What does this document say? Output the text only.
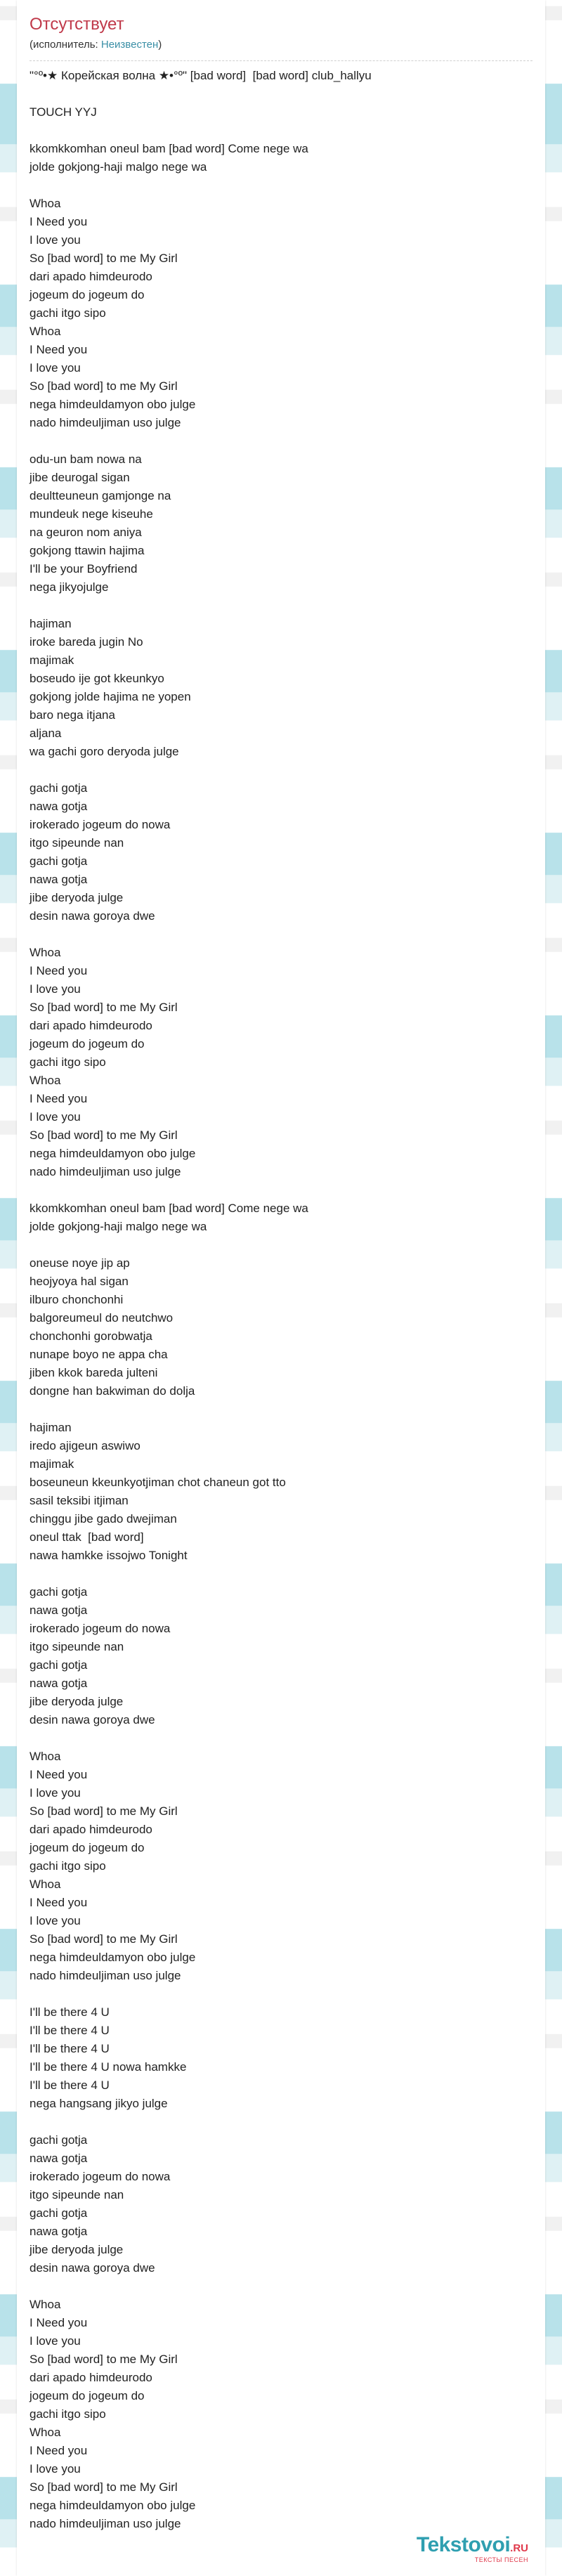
Отсутствует
(исполнитель: Неизвестен)
"°º•★ Корейская волна ★•°º" [bad word]  [bad word] club_hallyu
TOUCH YYJ
kkomkkomhan oneul bam [bad word] Come nege wa
jolde gokjong-haji malgo nege wa
Whoa
I Need you
I love you
So [bad word] to me My Girl
dari apado himdeurodo
jogeum do jogeum do
gachi itgo sipo
Whoa
I Need you
I love you
So [bad word] to me My Girl
nega himdeuldamyon obo julge
nado himdeuljiman uso julge
odu-un bam nowa na
jibe deurogal sigan
deultteuneun gamjonge na
mundeuk nege kiseuhe
na geuron nom aniya
gokjong ttawin hajima
I'll be your Boyfriend
nega jikyojulge
hajiman
iroke bareda jugin No
majimak
boseudo ije got kkeunkyo
gokjong jolde hajima ne yopen
baro nega itjana
aljana
wa gachi goro deryoda julge
gachi gotja
nawa gotja
irokerado jogeum do nowa
itgo sipeunde nan
gachi gotja
nawa gotja
jibe deryoda julge
desin nawa goroya dwe
Whoa
I Need you
I love you
So [bad word] to me My Girl
dari apado himdeurodo
jogeum do jogeum do
gachi itgo sipo
Whoa
I Need you
I love you
So [bad word] to me My Girl
nega himdeuldamyon obo julge
nado himdeuljiman uso julge
kkomkkomhan oneul bam [bad word] Come nege wa
jolde gokjong-haji malgo nege wa
oneuse noye jip ap
heojyoya hal sigan
ilburo chonchonhi
balgoreumeul do neutchwo
chonchonhi gorobwatja
nunape boyo ne appa cha
jiben kkok bareda julteni
dongne han bakwiman do dolja
hajiman
iredo ajigeun aswiwo
majimak
boseuneun kkeunkyotjiman chot chaneun got tto
sasil teksibi itjiman
chinggu jibe gado dwejiman
oneul ttak  [bad word]
nawa hamkke issojwo Tonight
gachi gotja
nawa gotja
irokerado jogeum do nowa
itgo sipeunde nan
gachi gotja
nawa gotja
jibe deryoda julge
desin nawa goroya dwe
Whoa
I Need you
I love you
So [bad word] to me My Girl
dari apado himdeurodo
jogeum do jogeum do
gachi itgo sipo
Whoa
I Need you
I love you
So [bad word] to me My Girl
nega himdeuldamyon obo julge
nado himdeuljiman uso julge
I'll be there 4 U
I'll be there 4 U
I'll be there 4 U
I'll be there 4 U nowa hamkke
I'll be there 4 U
nega hangsang jikyo julge
gachi gotja
nawa gotja
irokerado jogeum do nowa
itgo sipeunde nan
gachi gotja
nawa gotja
jibe deryoda julge
desin nawa goroya dwe
Whoa
I Need you
I love you
So [bad word] to me My Girl
dari apado himdeurodo
jogeum do jogeum do
gachi itgo sipo
Whoa
I Need you
I love you
So [bad word] to me My Girl
nega himdeuldamyon obo julge
nado himdeuljiman uso julge
Tekstovoi.RU
ТЕКСТЫ ПЕСЕН
